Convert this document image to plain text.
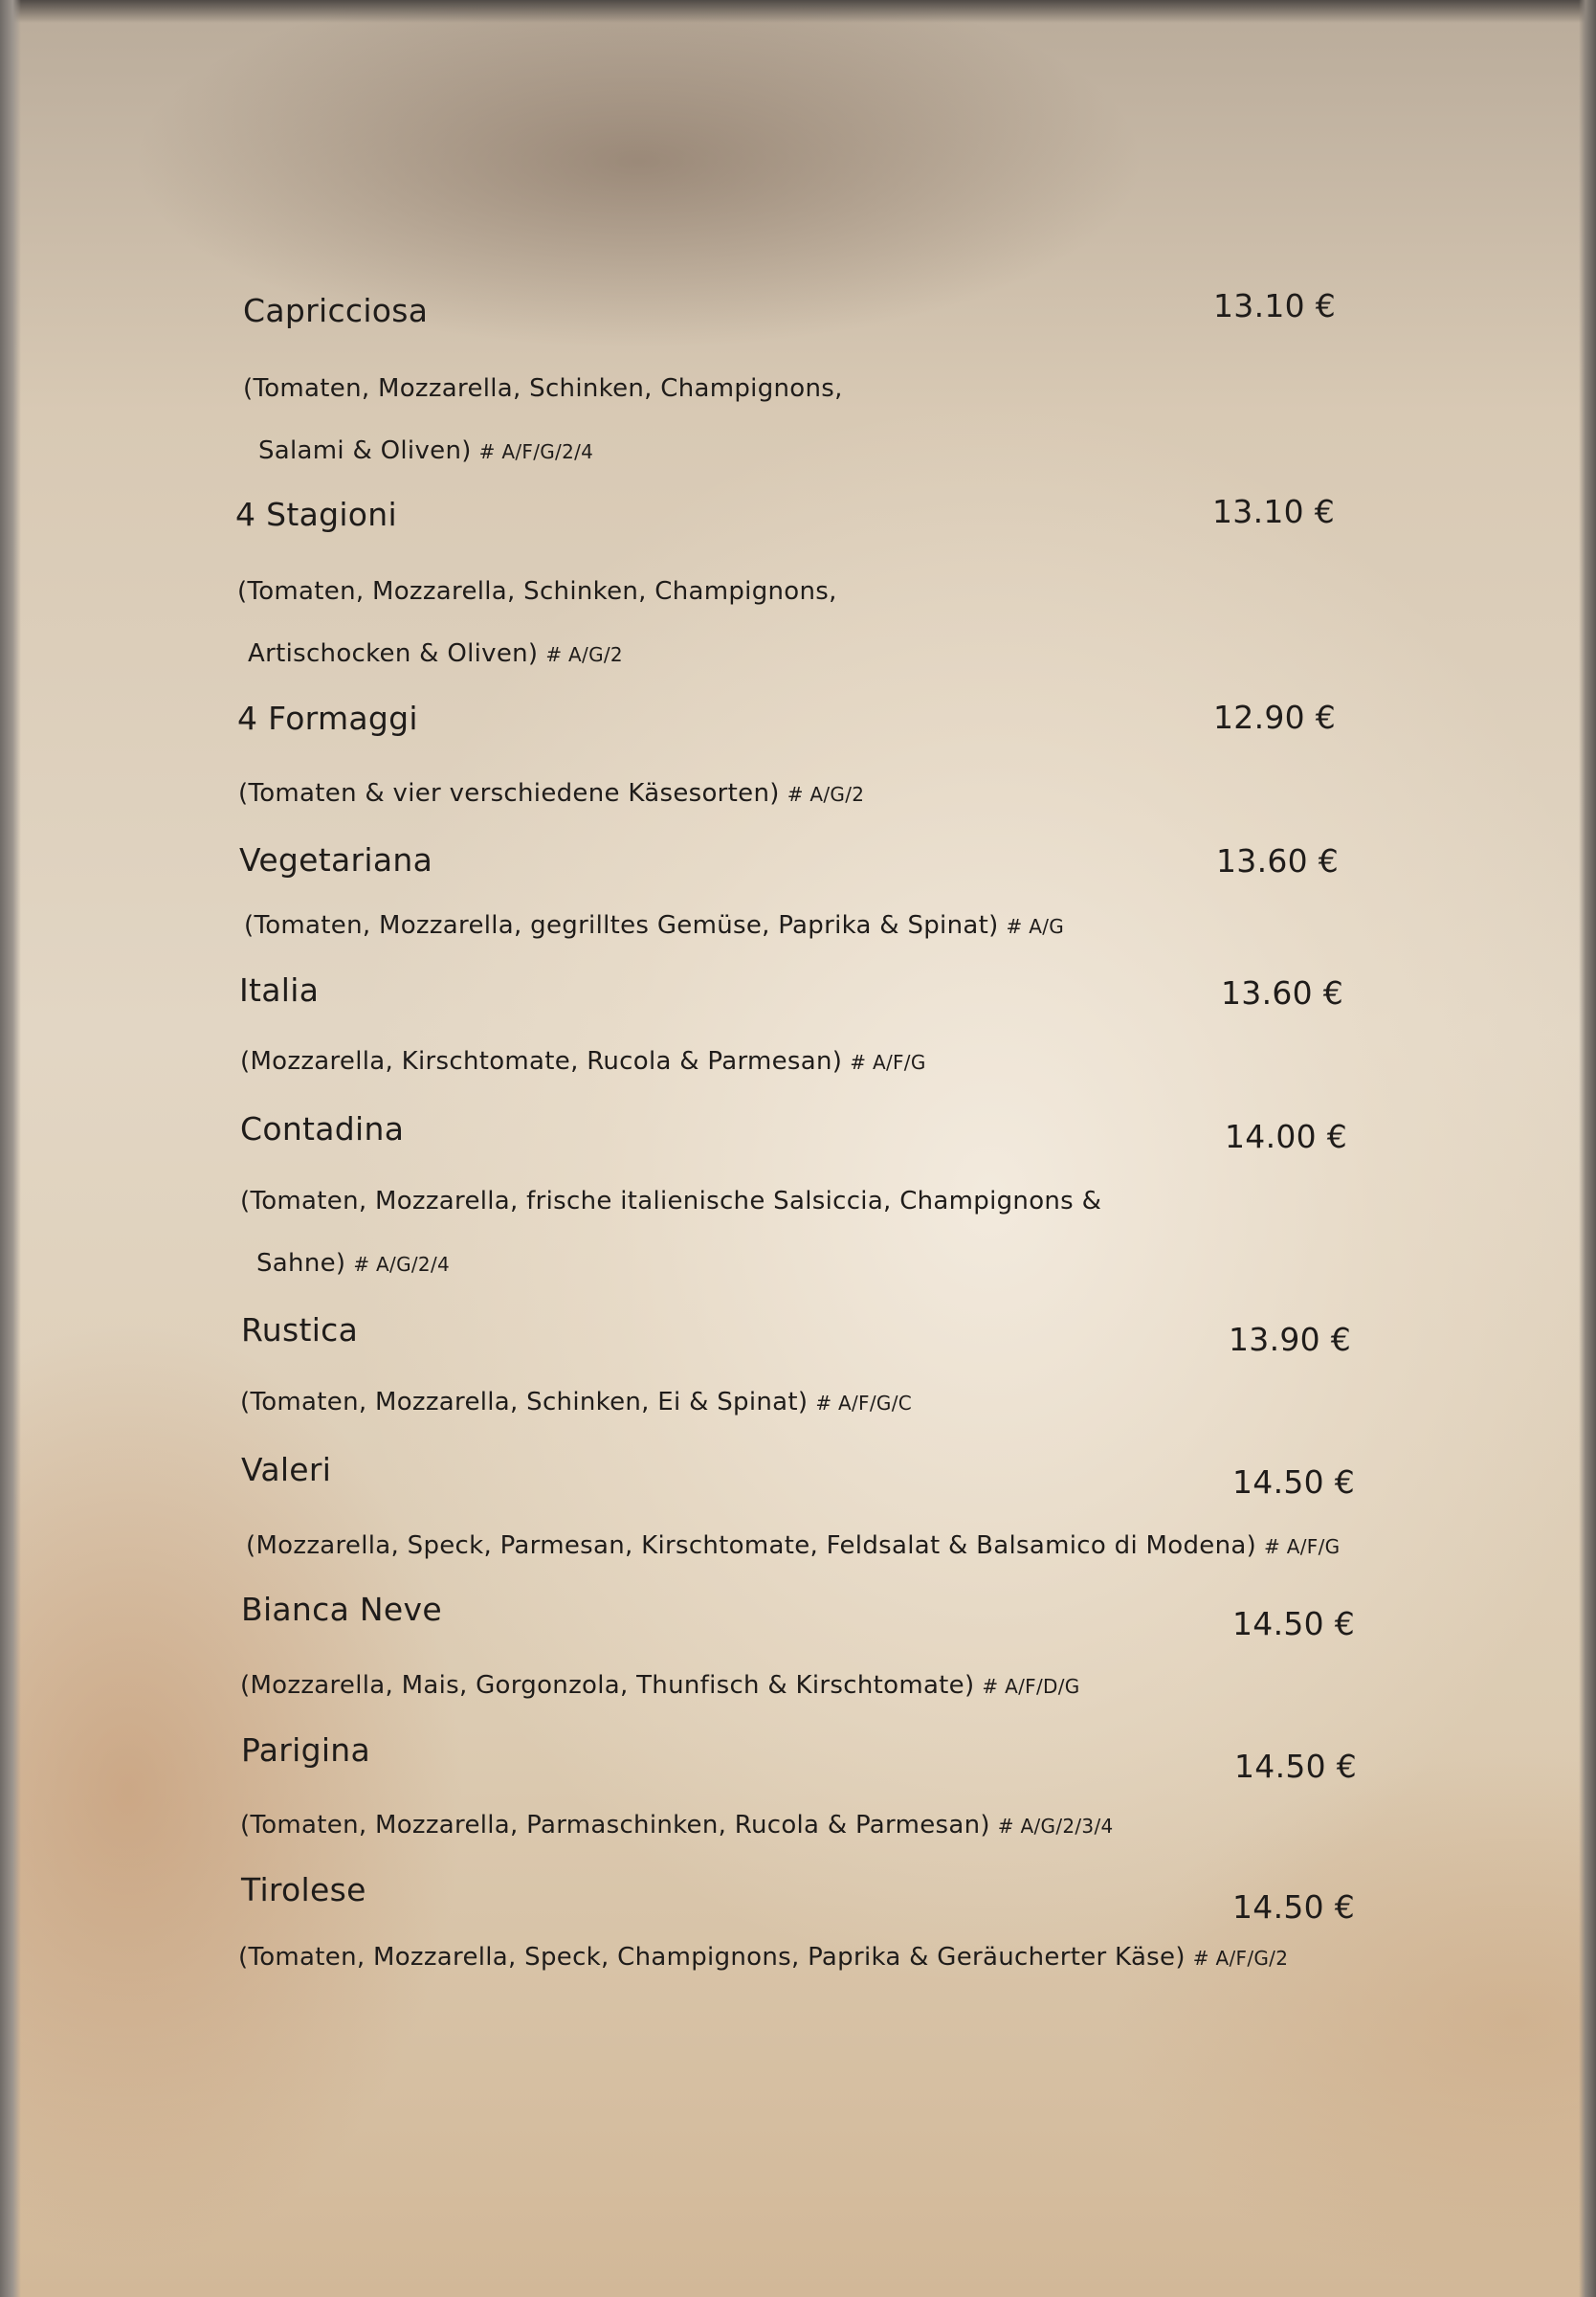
Capricciosa	13.10 €
(Tomaten, Mozzarella, Schinken, Champignons,
Salami & Oliven) # A/F/G/2/4
4 Stagioni	13.10 €
(Tomaten, Mozzarella, Schinken, Champignons,
Artischocken & Oliven) # A/G/2
4 Formaggi	12.90 €
(Tomaten & vier verschiedene Käsesorten) # A/G/2
Vegetariana	13.60 €
(Tomaten, Mozzarella, gegrilltes Gemüse, Paprika & Spinat) # A/G
Italia	13.60 €
(Mozzarella, Kirschtomate, Rucola & Parmesan) # A/F/G
Contadina	14.00 €
(Tomaten, Mozzarella, frische italienische Salsiccia, Champignons &
Sahne) # A/G/2/4
Rustica	13.90 €
(Tomaten, Mozzarella, Schinken, Ei & Spinat) # A/F/G/C
Valeri	14.50 €
(Mozzarella, Speck, Parmesan, Kirschtomate, Feldsalat & Balsamico di Modena) # A/F/G
Bianca Neve	14.50 €
(Mozzarella, Mais, Gorgonzola, Thunfisch & Kirschtomate) # A/F/D/G
Parigina	14.50 €
(Tomaten, Mozzarella, Parmaschinken, Rucola & Parmesan) # A/G/2/3/4
Tirolese	14.50 €
(Tomaten, Mozzarella, Speck, Champignons, Paprika & Geräucherter Käse) # A/F/G/2
